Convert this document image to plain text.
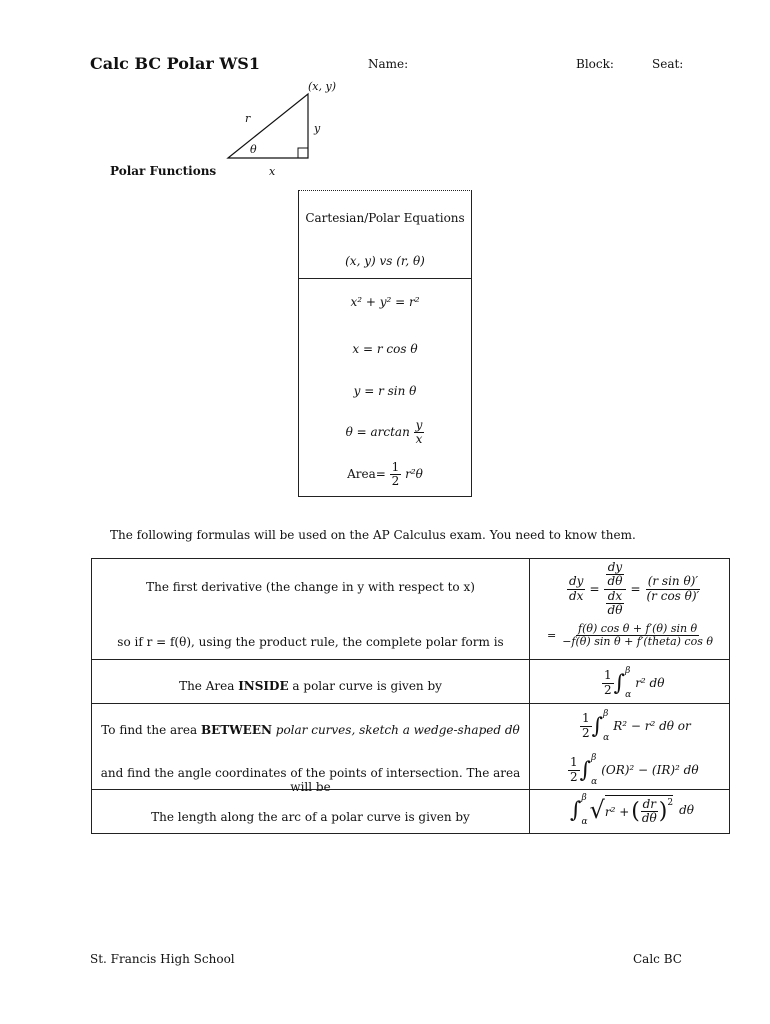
Calc BC Polar WS1	Name:	Block:	Seat:
(x, y)
r
y
θ
x
Polar Functions
Cartesian/Polar Equations
(x, y) vs (r, θ)
x² + y² = r²
x = r cos θ
y = r sin θ
$\theta = \arctan \frac{y}{x}$
Area= $\frac{1}{2} r^2\theta$
The following formulas will be used on the AP Calculus exam. You need to know them.
The first derivative (the change in y with respect to x)	$\frac{dy}{dx} = \frac{\frac{dy}{d\theta}}{\frac{dx}{d\theta}} = \frac{\text{(r sin θ)′}}{\text{(r cos θ)′}}$
so if r = f(θ), using the product rule, the complete polar form is	= $\frac{\text{f(θ) cos θ + f′(θ) sin θ}}{\text{−f(θ) sin θ + f′(theta) cos θ}}$
The Area INSIDE a polar curve is given by	$\frac{1}{2}$ ∫ β
α
r² dθ
To find the area BETWEEN polar curves, sketch a wedge-shaped dθ	$\frac{1}{2}$ ∫ β
α
R² − r² dθ or
and find the angle coordinates of the points of intersection. The area will be
$\frac{1}{2}$ ∫ β
α
(OR)² − (IR)² dθ
The length along the arc of a polar curve is given by	∫ β
α √ r² + ( $\frac{dr}{d\theta} )^2$
dθ
St. Francis High School	Calc BC
